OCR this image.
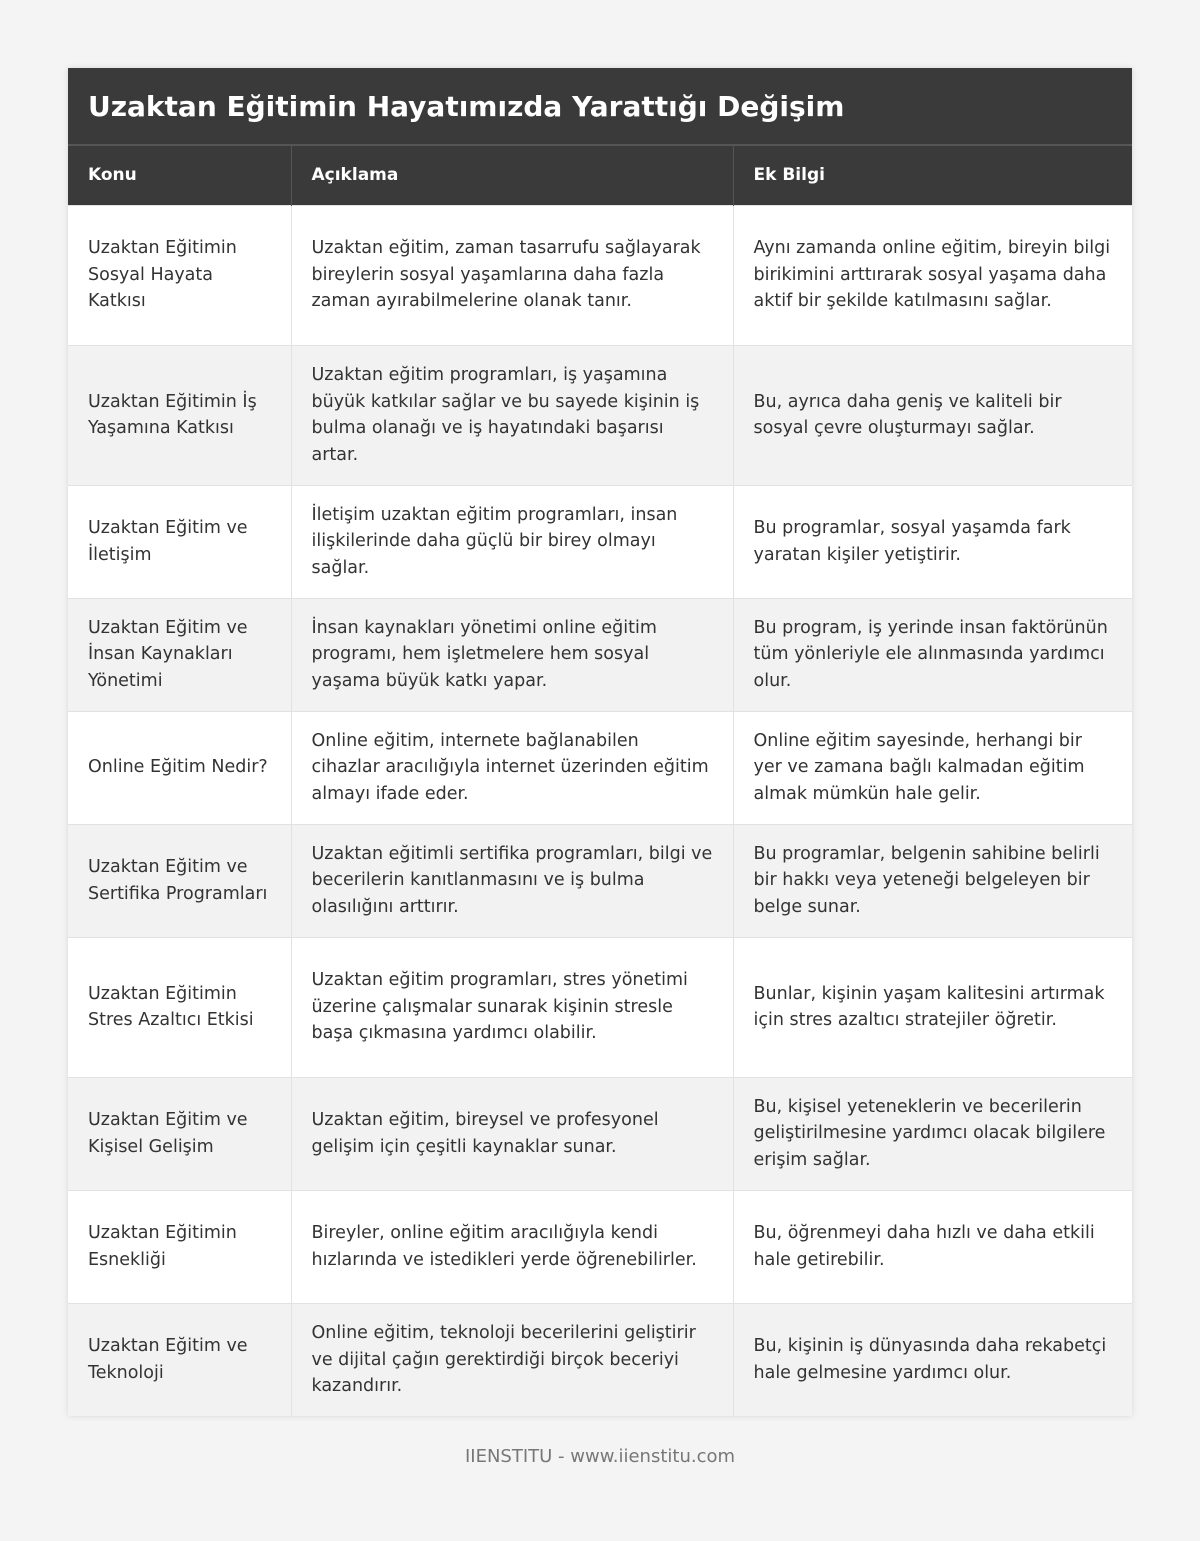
Uzaktan Eğitimin Hayatımızda Yarattığı Değişim
Konu	Açıklama	Ek Bilgi
Uzaktan Eğitimin Sosyal Hayata Katkısı	Uzaktan eğitim, zaman tasarrufu sağlayarak bireylerin sosyal yaşamlarına daha fazla zaman ayırabilmelerine olanak tanır.	Aynı zamanda online eğitim, bireyin bilgi birikimini arttırarak sosyal yaşama daha aktif bir şekilde katılmasını sağlar.
Uzaktan Eğitimin İş Yaşamına Katkısı	Uzaktan eğitim programları, iş yaşamına büyük katkılar sağlar ve bu sayede kişinin iş bulma olanağı ve iş hayatındaki başarısı artar.	Bu, ayrıca daha geniş ve kaliteli bir sosyal çevre oluşturmayı sağlar.
Uzaktan Eğitim ve İletişim	İletişim uzaktan eğitim programları, insan ilişkilerinde daha güçlü bir birey olmayı sağlar.	Bu programlar, sosyal yaşamda fark yaratan kişiler yetiştirir.
Uzaktan Eğitim ve İnsan Kaynakları Yönetimi	İnsan kaynakları yönetimi online eğitim programı, hem işletmelere hem sosyal yaşama büyük katkı yapar.	Bu program, iş yerinde insan faktörünün tüm yönleriyle ele alınmasında yardımcı olur.
Online Eğitim Nedir?	Online eğitim, internete bağlanabilen cihazlar aracılığıyla internet üzerinden eğitim almayı ifade eder.	Online eğitim sayesinde, herhangi bir yer ve zamana bağlı kalmadan eğitim almak mümkün hale gelir.
Uzaktan Eğitim ve Sertifika Programları	Uzaktan eğitimli sertifika programları, bilgi ve becerilerin kanıtlanmasını ve iş bulma olasılığını arttırır.	Bu programlar, belgenin sahibine belirli bir hakkı veya yeteneği belgeleyen bir belge sunar.
Uzaktan Eğitimin Stres Azaltıcı Etkisi	Uzaktan eğitim programları, stres yönetimi üzerine çalışmalar sunarak kişinin stresle başa çıkmasına yardımcı olabilir.	Bunlar, kişinin yaşam kalitesini artırmak için stres azaltıcı stratejiler öğretir.
Uzaktan Eğitim ve Kişisel Gelişim	Uzaktan eğitim, bireysel ve profesyonel gelişim için çeşitli kaynaklar sunar.	Bu, kişisel yeteneklerin ve becerilerin geliştirilmesine yardımcı olacak bilgilere erişim sağlar.
Uzaktan Eğitimin Esnekliği	Bireyler, online eğitim aracılığıyla kendi hızlarında ve istedikleri yerde öğrenebilirler.	Bu, öğrenmeyi daha hızlı ve daha etkili hale getirebilir.
Uzaktan Eğitim ve Teknoloji	Online eğitim, teknoloji becerilerini geliştirir ve dijital çağın gerektirdiği birçok beceriyi kazandırır.	Bu, kişinin iş dünyasında daha rekabetçi hale gelmesine yardımcı olur.
IIENSTITU - www.iienstitu.com
